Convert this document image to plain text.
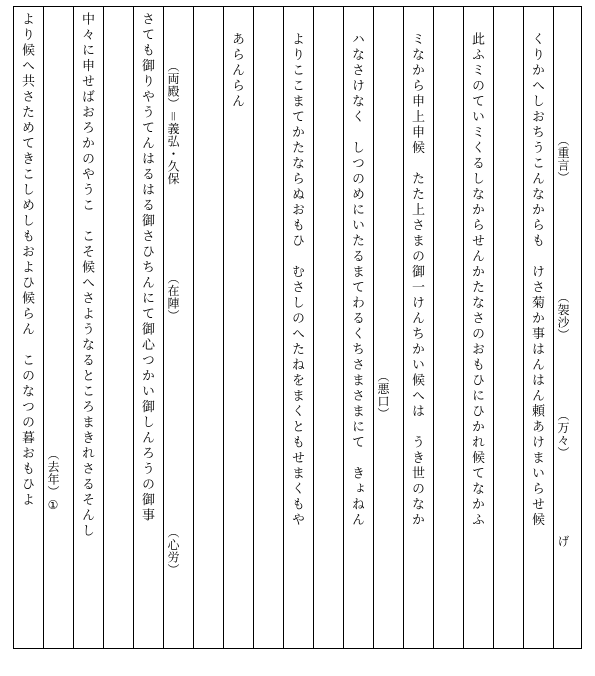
くりかへしおちうこんなからも　けさ菊か事はんはん頼あけまいらせ候 （重言）
（袈沙）
（万々）
げ
此ふミのていミくるしなからせんかたなさのおもひにひかれ候てなかふ
ミなから申上申候　たた上さまの御一けんちかい候へは　うき世のなか
（悪口）
ハなさけなく　しつのめにいたるまてわるくちさまさまにて　きょねん
よりここまてかたならぬおもひ　むさしのへたねをまくともせまくもや
あらんらん
（両殿）＝義弘・久保
（在陣）
（心労）
さても御りやうてんはるはる御さひちんにて御心つかい御しんろうの御事
中々に申せばおろかのやうこ　こそ候へさようなるところまきれさるそんし
（去年）①
より候へ共さためてきこしめしもおよひ候らん　このなつの暮おもひよ
